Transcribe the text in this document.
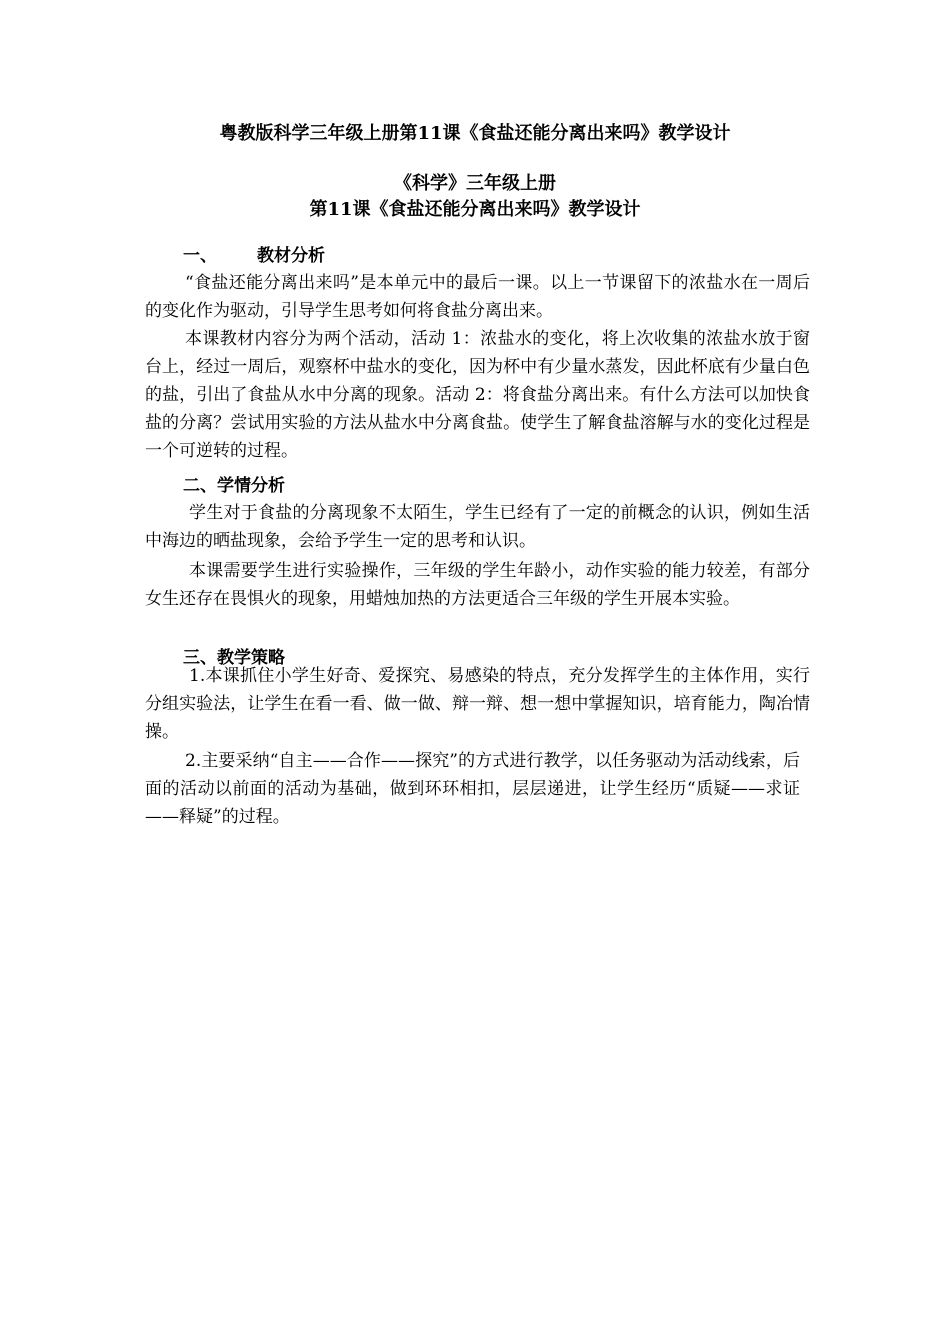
粤教版科学三年级上册第11课《食盐还能分离出来吗》教学设计
《科学》三年级上册
第11课《食盐还能分离出来吗》教学设计
一、 教材分析

“食盐还能分离出来吗”是本单元中的最后一课。以上一节课留下的浓盐水在一周后的变化作为驱动，引导学生思考如何将食盐分离出来。

本课教材内容分为两个活动，活动 1：浓盐水的变化，将上次收集的浓盐水放于窗台上，经过一周后，观察杯中盐水的变化，因为杯中有少量水蒸发，因此杯底有少量白色的盐，引出了食盐从水中分离的现象。活动 2：将食盐分离出来。有什么方法可以加快食盐的分离？尝试用实验的方法从盐水中分离食盐。使学生了解食盐溶解与水的变化过程是一个可逆转的过程。

二、学情分析

学生对于食盐的分离现象不太陌生，学生已经有了一定的前概念的认识，例如生活中海边的晒盐现象，会给予学生一定的思考和认识。

本课需要学生进行实验操作，三年级的学生年龄小，动作实验的能力较差，有部分女生还存在畏惧火的现象，用蜡烛加热的方法更适合三年级的学生开展本实验。

三、教学策略

1.本课抓住小学生好奇、爱探究、易感染的特点，充分发挥学生的主体作用，实行分组实验法，让学生在看一看、做一做、辩一辩、想一想中掌握知识，培育能力，陶冶情操。

2.主要采纳“自主——合作——探究”的方式进行教学，以任务驱动为活动线索，后面的活动以前面的活动为基础，做到环环相扣，层层递进，让学生经历“质疑——求证——释疑”的过程。
